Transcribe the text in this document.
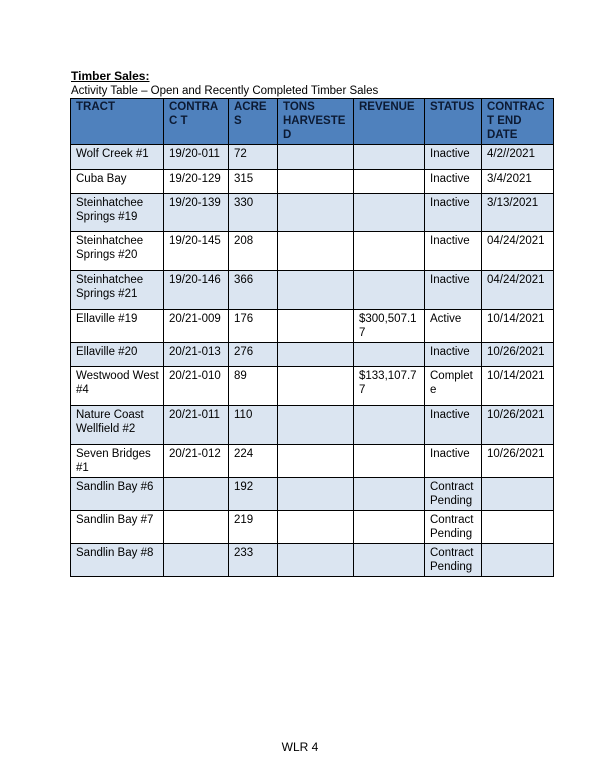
Timber Sales:
Activity Table – Open and Recently Completed Timber Sales
TRACT	CONTRAC T	ACRES	TONS HARVESTED	REVENUE	STATUS	CONTRACT END DATE
Wolf Creek #1	19/20-011	72			Inactive	4/2//2021
Cuba Bay	19/20-129	315			Inactive	3/4/2021
Steinhatchee Springs #19	19/20-139	330			Inactive	3/13/2021
Steinhatchee Springs #20	19/20-145	208			Inactive	04/24/2021
Steinhatchee Springs #21	19/20-146	366			Inactive	04/24/2021
Ellaville #19	20/21-009	176		$300,507.17	Active	10/14/2021
Ellaville #20	20/21-013	276			Inactive	10/26/2021
Westwood West #4	20/21-010	89		$133,107.77	Complete	10/14/2021
Nature Coast Wellfield #2	20/21-011	110			Inactive	10/26/2021
Seven Bridges #1	20/21-012	224			Inactive	10/26/2021
Sandlin Bay #6		192			Contract Pending	
Sandlin Bay #7		219			Contract Pending	
Sandlin Bay #8		233			Contract Pending	
WLR 4
